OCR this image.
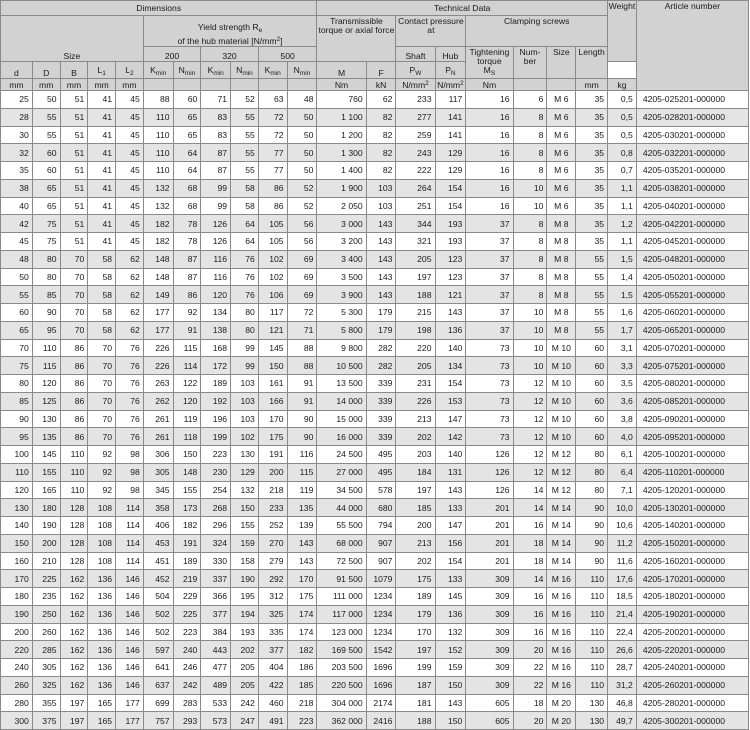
Dimensions											Technical Data								Weight	Article number
Size					Yield strength $R_e$
of the hub material $[N/mm^2]$						Transmissible torque or axial force		Contact pressure at		Clamping screws					
					200		320		500				Shaft	Hub	Tightening torque
$M_S$	Num- ber	Size	Length		
d	D	B	$L_1$	$L_2$	$K_{min}$	$N_{min}$	$K_{min}$	$N_{min}$	$K_{min}$	$N_{min}$	M	F	$P_W$	$P_N$
mm	mm	mm	mm	mm							Nm	kN	$N/mm^2$	$N/mm^2$	Nm			mm	kg	
25	50	51	41	45	88	60	71	52	63	48	760	62	233	117	16	6	M 6	35	0,5	4205-025201-000000
28	55	51	41	45	110	65	83	55	72	50	1 100	82	277	141	16	8	M 6	35	0,5	4205-028201-000000
30	55	51	41	45	110	65	83	55	72	50	1 200	82	259	141	16	8	M 6	35	0,5	4205-030201-000000
32	60	51	41	45	110	64	87	55	77	50	1 300	82	243	129	16	8	M 6	35	0,8	4205-032201-000000
35	60	51	41	45	110	64	87	55	77	50	1 400	82	222	129	16	8	M 6	35	0,7	4205-035201-000000
38	65	51	41	45	132	68	99	58	86	52	1 900	103	264	154	16	10	M 6	35	1,1	4205-038201-000000
40	65	51	41	45	132	68	99	58	86	52	2 050	103	251	154	16	10	M 6	35	1,1	4205-040201-000000
42	75	51	41	45	182	78	126	64	105	56	3 000	143	344	193	37	8	M 8	35	1,2	4205-042201-000000
45	75	51	41	45	182	78	126	64	105	56	3 200	143	321	193	37	8	M 8	35	1,1	4205-045201-000000
48	80	70	58	62	148	87	116	76	102	69	3 400	143	205	123	37	8	M 8	55	1,5	4205-048201-000000
50	80	70	58	62	148	87	116	76	102	69	3 500	143	197	123	37	8	M 8	55	1,4	4205-050201-000000
55	85	70	58	62	149	86	120	76	106	69	3 900	143	188	121	37	8	M 8	55	1,5	4205-055201-000000
60	90	70	58	62	177	92	134	80	117	72	5 300	179	215	143	37	10	M 8	55	1,6	4205-060201-000000
65	95	70	58	62	177	91	138	80	121	71	5 800	179	198	136	37	10	M 8	55	1,7	4205-065201-000000
70	110	86	70	76	226	115	168	99	145	88	9 800	282	220	140	73	10	M 10	60	3,1	4205-070201-000000
75	115	86	70	76	226	114	172	99	150	88	10 500	282	205	134	73	10	M 10	60	3,3	4205-075201-000000
80	120	86	70	76	263	122	189	103	161	91	13 500	339	231	154	73	12	M 10	60	3,5	4205-080201-000000
85	125	86	70	76	262	120	192	103	166	91	14 000	339	226	153	73	12	M 10	60	3,6	4205-085201-000000
90	130	86	70	76	261	119	196	103	170	90	15 000	339	213	147	73	12	M 10	60	3,8	4205-090201-000000
95	135	86	70	76	261	118	199	102	175	90	16 000	339	202	142	73	12	M 10	60	4,0	4205-095201-000000
100	145	110	92	98	306	150	223	130	191	116	24 500	495	203	140	126	12	M 12	80	6,1	4205-100201-000000
110	155	110	92	98	305	148	230	129	200	115	27 000	495	184	131	126	12	M 12	80	6,4	4205-110201-000000
120	165	110	92	98	345	155	254	132	218	119	34 500	578	197	143	126	14	M 12	80	7,1	4205-120201-000000
130	180	128	108	114	358	173	268	150	233	135	44 000	680	185	133	201	14	M 14	90	10,0	4205-130201-000000
140	190	128	108	114	406	182	296	155	252	139	55 500	794	200	147	201	16	M 14	90	10,6	4205-140201-000000
150	200	128	108	114	453	191	324	159	270	143	68 000	907	213	156	201	18	M 14	90	11,2	4205-150201-000000
160	210	128	108	114	451	189	330	158	279	143	72 500	907	202	154	201	18	M 14	90	11,6	4205-160201-000000
170	225	162	136	146	452	219	337	190	292	170	91 500	1079	175	133	309	14	M 16	110	17,6	4205-170201-000000
180	235	162	136	146	504	229	366	195	312	175	111 000	1234	189	145	309	16	M 16	110	18,5	4205-180201-000000
190	250	162	136	146	502	225	377	194	325	174	117 000	1234	179	136	309	16	M 16	110	21,4	4205-190201-000000
200	260	162	136	146	502	223	384	193	335	174	123 000	1234	170	132	309	16	M 16	110	22,4	4205-200201-000000
220	285	162	136	146	597	240	443	202	377	182	169 500	1542	197	152	309	20	M 16	110	26,6	4205-220201-000000
240	305	162	136	146	641	246	477	205	404	186	203 500	1696	199	159	309	22	M 16	110	28,7	4205-240201-000000
260	325	162	136	146	637	242	489	205	422	185	220 500	1696	187	150	309	22	M 16	110	31,2	4205-260201-000000
280	355	197	165	177	699	283	533	242	460	218	304 000	2174	181	143	605	18	M 20	130	46,8	4205-280201-000000
300	375	197	165	177	757	293	573	247	491	223	362 000	2416	188	150	605	20	M 20	130	49,7	4205-300201-000000
